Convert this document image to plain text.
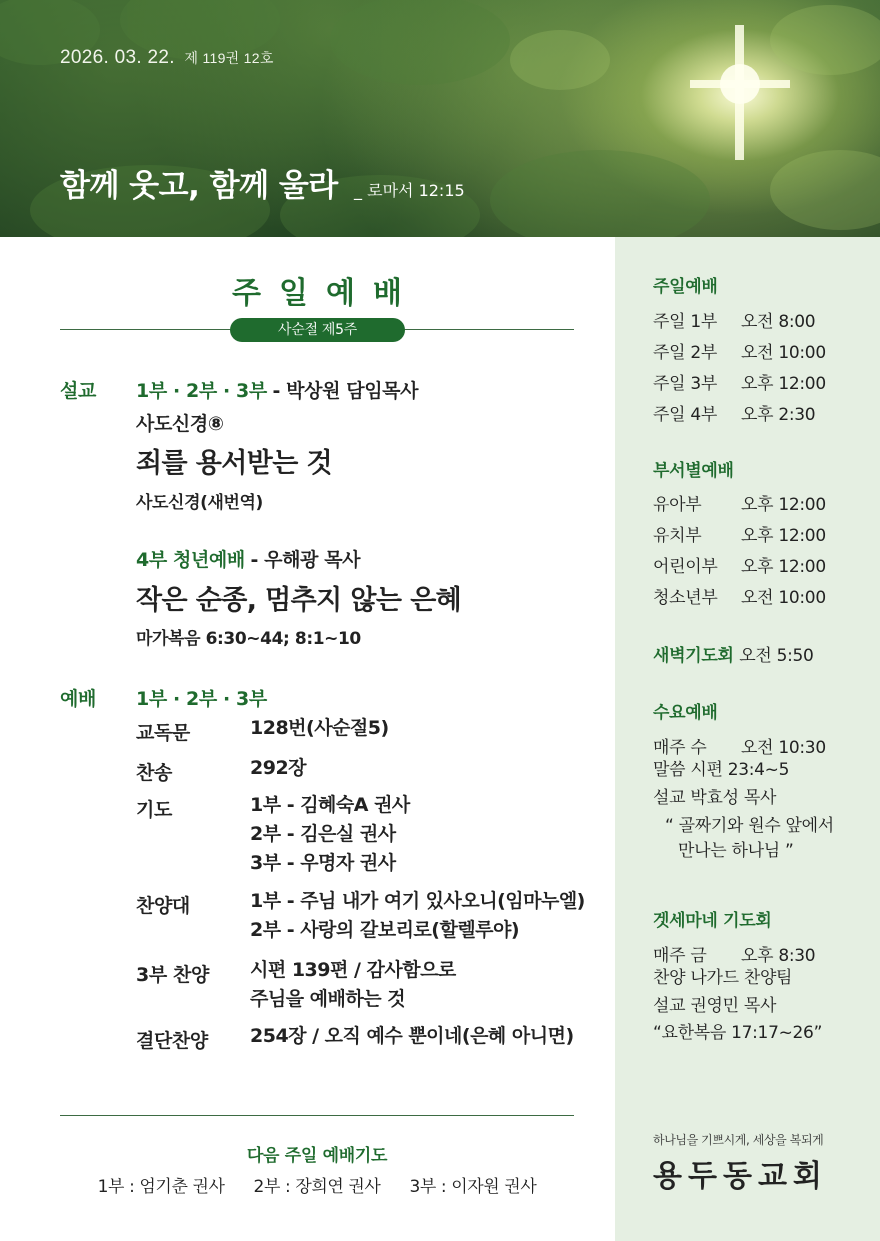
2026. 03. 22. 제 119권 12호
함께 웃고, 함께 울라 _ 로마서 12:15
주일예배
사순절 제5주
설교 1부 · 2부 · 3부 - 박상원 담임목사
사도신경⑧
죄를 용서받는 것
사도신경(새번역)
4부 청년예배 - 우해광 목사
작은 순종, 멈추지 않는 은혜
마가복음 6:30~44; 8:1~10
예배 1부 · 2부 · 3부
교독문	128번(사순절5)
찬송	292장
기도	1부 - 김혜숙A 권사
2부 - 김은실 권사
3부 - 우명자 권사
찬양대	1부 - 주님 내가 여기 있사오니(임마누엘)
2부 - 사랑의 갈보리로(할렐루야)
3부 찬양 시편 139편 / 감사함으로
주님을 예배하는 것
결단찬양 254장 / 오직 예수 뿐이네(은혜 아니면)
다음 주일 예배기도
1부 : 엄기춘 권사 2부 : 장희연 권사 3부 : 이자원 권사
주일예배
주일 1부 오전 8:00
주일 2부 오전 10:00
주일 3부 오후 12:00
주일 4부 오후 2:30
부서별예배
유아부 오후 12:00
유치부 오후 12:00
어린이부 오후 12:00
청소년부 오전 10:00
새벽기도회 오전 5:50
수요예배
매주 수 오전 10:30
말씀 시편 23:4~5
설교 박효성 목사
“ 골짜기와 원수 앞에서
만나는 하나님 ”
겟세마네 기도회
매주 금 오후 8:30
찬양 나가드 찬양팀
설교 권영민 목사
“요한복음 17:17~26”
하나님을 기쁘시게, 세상을 복되게
용두동교회
